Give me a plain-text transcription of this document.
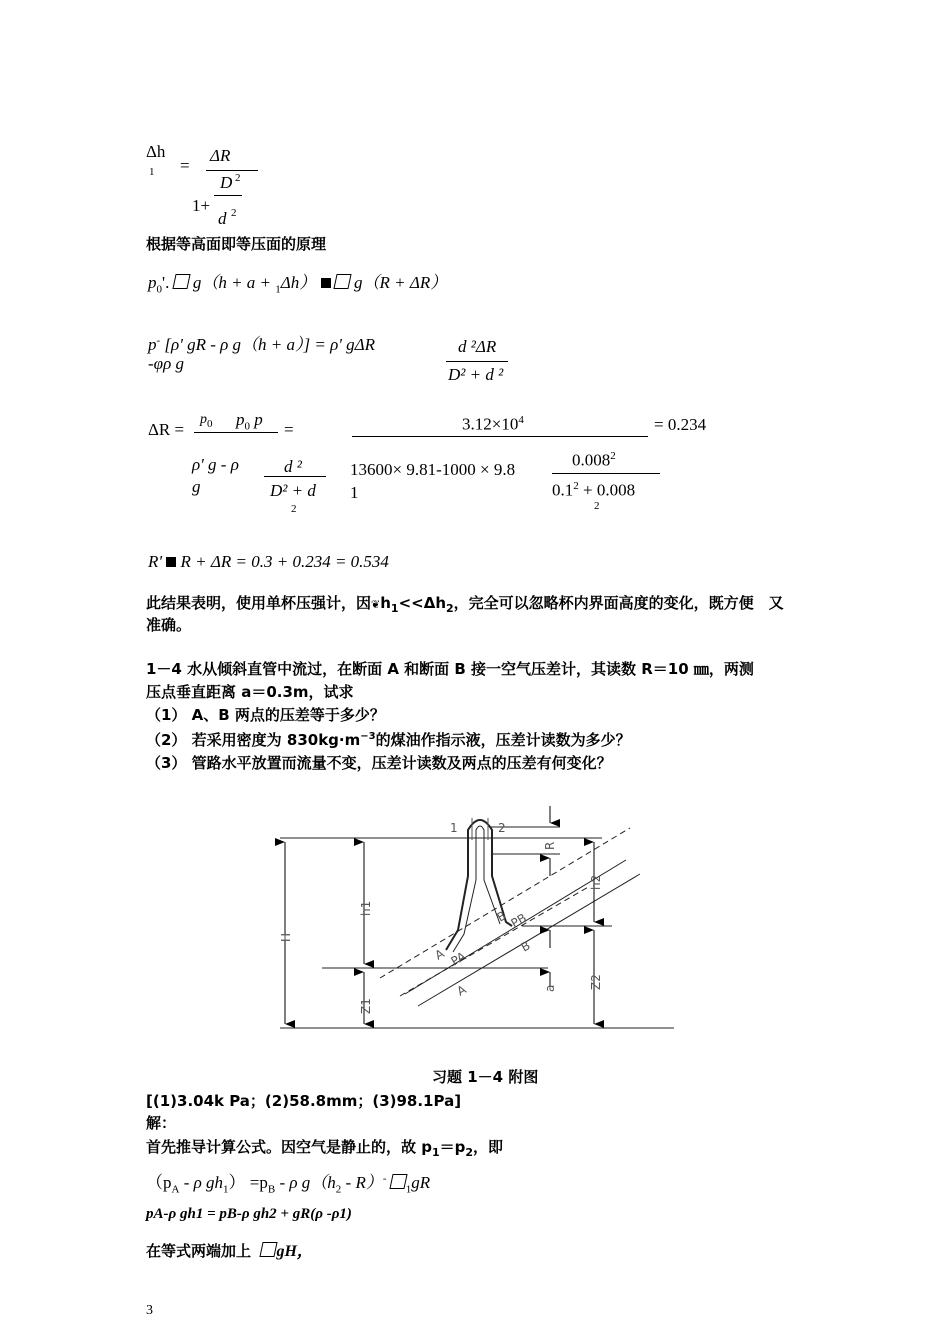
Δh
1 =
ΔR
1+
D 2
d 2
根据等高面即等压面的原理
$p_0'$. g（h + a + $_1$Δh） g（R + ΔR）
p- [ρ' gR - ρ g（h + a）] = ρ' gΔR
-φρ g
d ²ΔR
D² + d ²
ΔR =
$p_0$ $p_0$ p
=
ρ' g - ρ
g
d ²
D² + d
2
$3.12\times 10^4$	= 0.234
13600× 9.81-1000 × 9.8
1
0.008$^2$
$0.1^2 + 0.008$
2
R' R + ΔR = 0.3 + 0.234 = 0.534
此结果表明，使用单杯压强计，因$❦h_1<<\Delta h_2$，完全可以忽略杯内界面高度的变化，既方便　又
准确。
1－4 水从倾斜直管中流过，在断面 A 和断面 B 接一空气压差计，其读数 R＝10 ㎜，两测
压点垂直距离 a＝0.3m，试求
（1） A、B 两点的压差等于多少？
（2） 若采用密度为 $830kg\cdot m^{-3}$的煤油作指示液，压差计读数为多少？
（3） 管路水平放置而流量不变，压差计读数及两点的压差有何变化？
1	2
R
h2
H
h1
Z1
Z2
A
A
B
B
PA
PB
a
习题 1－4 附图
[(1)3.04k Pa；(2)58.8mm；(3)98.1Pa]
解：
首先推导计算公式。因空气是静止的，故 $p_1=p_2$，即
（$p_A$ - ρ $gh_1) =p_B - \rho$ $g(h_2 - R)^-$ $_1$gR
pA-ρ gh1 = pB-ρ gh2 + gR(ρ -ρ1)
在等式两端加上 gH，
3
